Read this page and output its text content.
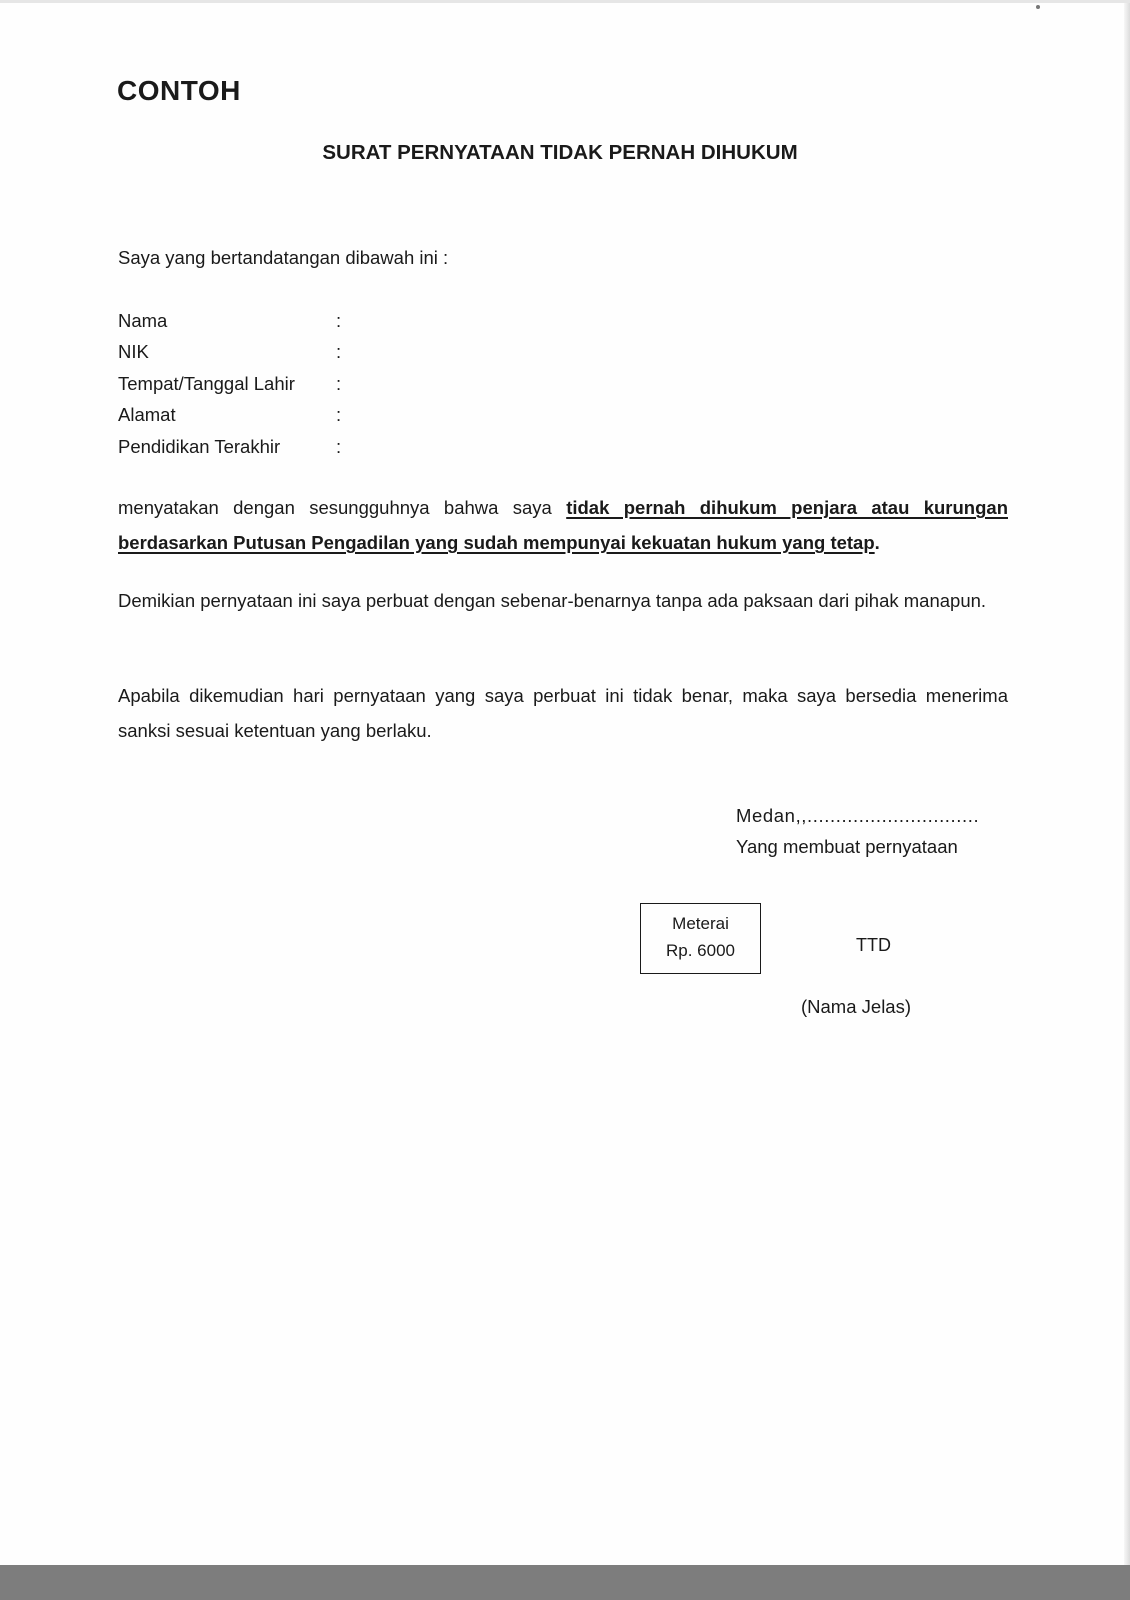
CONTOH
SURAT PERNYATAAN TIDAK PERNAH DIHUKUM
Saya yang bertandatangan dibawah ini :
Nama	:
NIK	:
Tempat/Tanggal Lahir	:
Alamat	:
Pendidikan Terakhir	:

menyatakan dengan sesungguhnya bahwa saya tidak pernah dihukum penjara atau kurungan berdasarkan Putusan Pengadilan yang sudah mempunyai kekuatan hukum yang tetap.

Demikian pernyataan ini saya perbuat dengan sebenar-benarnya tanpa ada paksaan dari pihak manapun.

Apabila dikemudian hari pernyataan yang saya perbuat ini tidak benar, maka saya bersedia menerima sanksi sesuai ketentuan yang berlaku.

Medan,,..............................
Yang membuat pernyataan
Meterai
Rp. 6000	TTD
(Nama Jelas)
